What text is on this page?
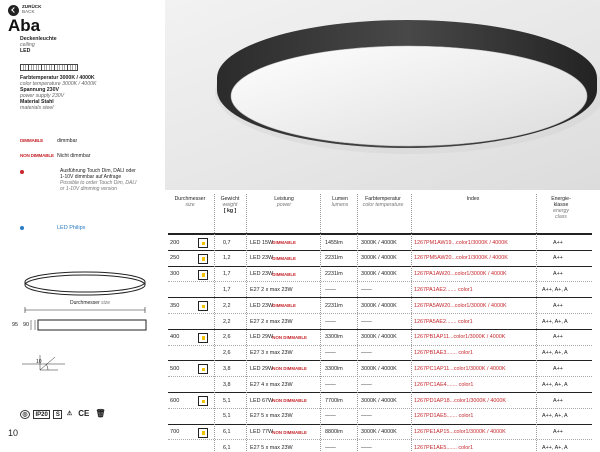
ZURÜCK
BACK
Aba
Deckenleuchte
ceiling
LED
Farbtemperatur 3000K / 4000K
color temperature 3000K / 4000K
Spannung 230V
power supply 230V
Material Stahl
materials steel
DIMMABLE	dimmbar
NON DIMMABLE Nicht dimmbar
Ausführung Touch Dim, DALI oder 1-10V dimmbar auf Anfrage
Possible to order Touch Dim, DALI or 1-10V dimming version
LED Philips
Durchmesser size
95 90
10
Durchmesser
size
Gewicht
weight
[ kg ]
Leistung
power
Lumen
lumens
Farbtemperatur
color temperature
Index	Energie-
klasse
energy
class
200	0,7	LED 15W DIMMABLE	1455lm	3000K / 4000K	1267PM1AW19...color1/3000K / 4000K	A++
250	1,2	LED 23W DIMMABLE	2231lm	3000K / 4000K	1267PM5AW20...color1/3000K / 4000K	A++
300	1,7	LED 23W DIMMABLE	2231lm	3000K / 4000K	1267PA1AW20...color1/3000K / 4000K	A++
1,7	E27 2 x max 23W	——	——	1267PA1AE2....... color1	A++, A+, A
350	2,2	LED 23W DIMMABLE	2231lm	3000K / 4000K	1267PA5AW20...color1/3000K / 4000K	A++
2,2	E27 2 x max 23W	——	——	1267PA5AE2....... color1	A++, A+, A
400	2,6	LED 29W NON DIMMABLE	3300lm	3000K / 4000K	1267PB1AP11...color1/3000K / 4000K	A++
2,6	E27 3 x max 23W	——	——	1267PB1AE3....... color1	A++, A+, A
500	3,8	LED 29W NON DIMMABLE	3300lm	3000K / 4000K	1267PC1AP11...color1/3000K / 4000K	A++
3,8	E27 4 x max 23W	——	——	1267PC1AE4....... color1	A++, A+, A
600	5,1	LED 67W NON DIMMABLE	7700lm	3000K / 4000K	1267PD1AP18...color1/3000K / 4000K	A++
5,1	E27 5 x max 23W	——	——	1267PD1AE5....... color1	A++, A+, A
700	6,1	LED 77W NON DIMMABLE	8800lm	3000K / 4000K	1267PE1AP15...color1/3000K / 4000K	A++
6,1	E27 5 x max 23W	——	——	1267PE1AE5....... color1	A++, A+, A
◎	IP20	S	⚠ CE 🗑
10
